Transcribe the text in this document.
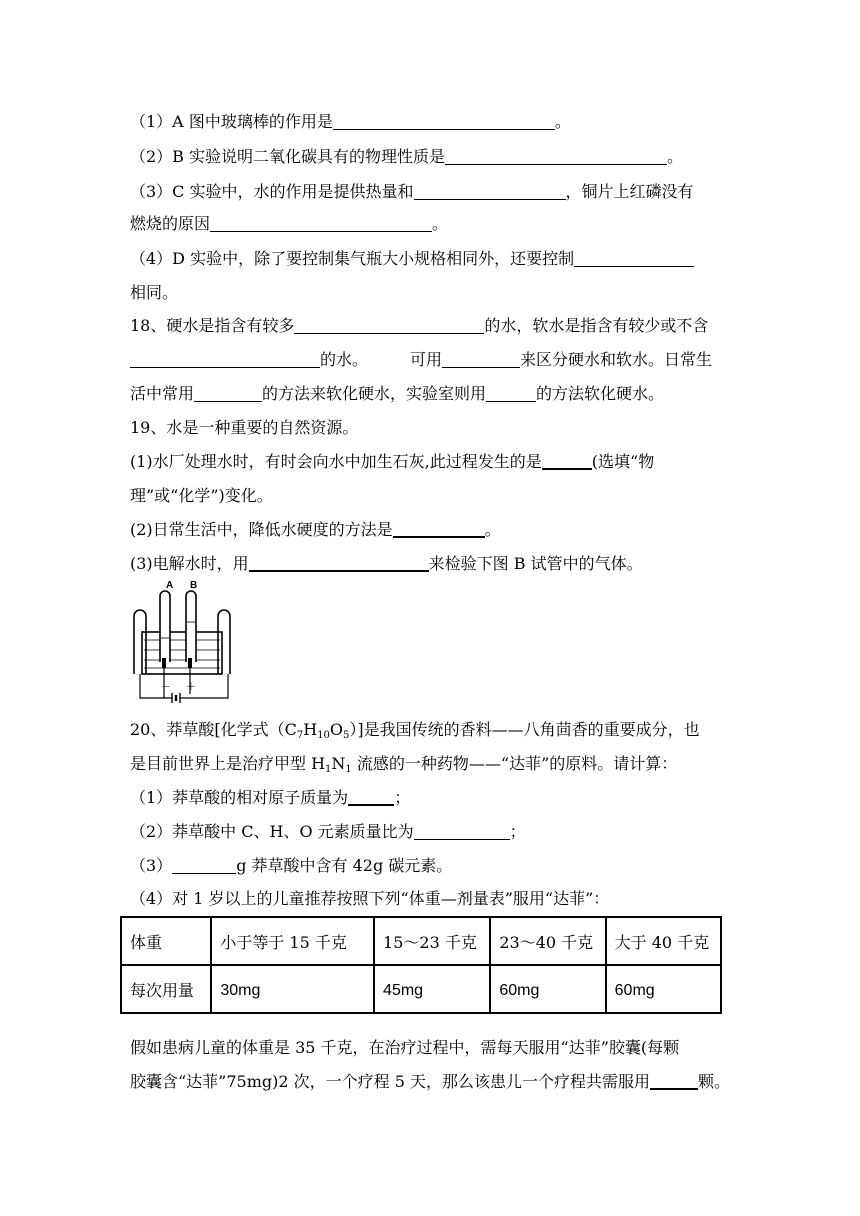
（1）A 图中玻璃棒的作用是	。
（2）B 实验说明二氧化碳具有的物理性质是	。
（3）C 实验中，水的作用是提供热量和	，铜片上红磷没有
燃烧的原因	。
（4）D 实验中，除了要控制集气瓶大小规格相同外，还要控制
相同。
18、硬水是指含有较多	的水，软水是指含有较少或不含
的水。	可用	来区分硬水和软水。日常生
活中常用	的方法来软化硬水，实验室则用	的方法软化硬水。
19、水是一种重要的自然资源。
(1)水厂处理水时，有时会向水中加生石灰,此过程发生的是	(选填“物
理”或“化学”)变化。
(2)日常生活中，降低水硬度的方法是	。
(3)电解水时，用	来检验下图 B 试管中的气体。
A B
－ ＋
20、莽草酸[化学式$(C_7H_{10}O_5)$]是我国传统的香料——八角茴香的重要成分，也
是目前世界上是治疗甲型 $H_1N_1$ 流感的一种药物——“达菲”的原料。请计算：
（1）莽草酸的相对原子质量为	；
（2）莽草酸中 C、H、O 元素质量比为	；
（3）	g 莽草酸中含有 42g 碳元素。
（4）对 1 岁以上的儿童推荐按照下列“体重—剂量表”服用“达菲”：
体重	小于等于 15 千克	15～23 千克	23～40 千克	大于 40 千克
每次用量	30mg	45mg	60mg	60mg
假如患病儿童的体重是 35 千克，在治疗过程中，需每天服用“达菲”胶囊(每颗
胶囊含“达菲”75mg)2 次，一个疗程 5 天，那么该患儿一个疗程共需服用	颗。
